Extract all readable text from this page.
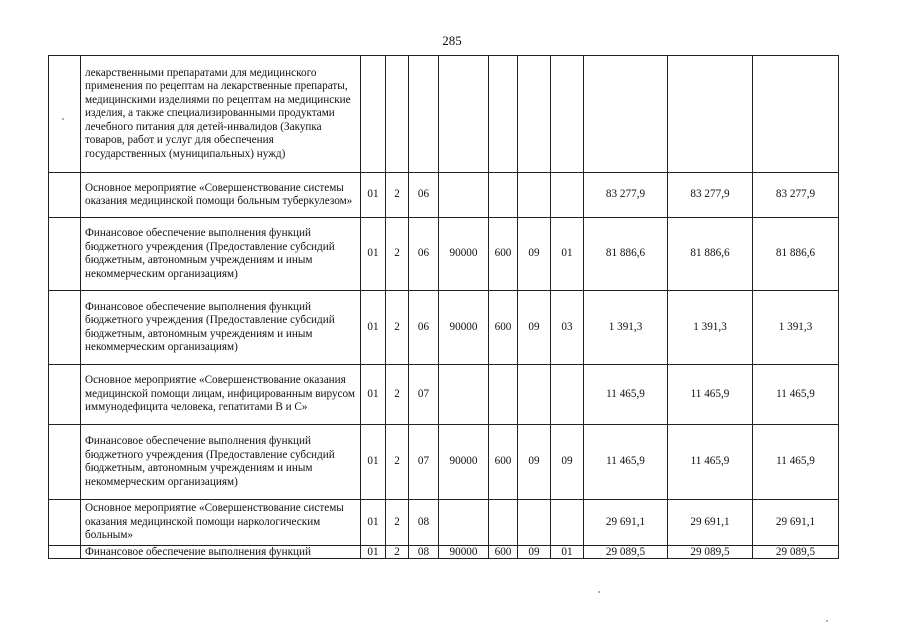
285
	лекарственными препаратами для медицинского применения по рецептам на лекарственные препараты, медицинскими изделиями по рецептам на медицинские изделия, а также специализированными продуктами лечебного питания для детей-инвалидов (Закупка товаров, работ и услуг для обеспечения государственных (муниципальных) нужд)										
	Основное мероприятие «Совершенствование системы оказания медицинской помощи больным туберкулезом»	01	2	06					83 277,9	83 277,9	83 277,9
	Финансовое обеспечение выполнения функций бюджетного учреждения (Предоставление субсидий бюджетным, автономным учреждениям и иным некоммерческим организациям)	01	2	06	90000	600	09	01	81 886,6	81 886,6	81 886,6
	Финансовое обеспечение выполнения функций бюджетного учреждения (Предоставление субсидий бюджетным, автономным учреждениям и иным некоммерческим организациям)	01	2	06	90000	600	09	03	1 391,3	1 391,3	1 391,3
	Основное мероприятие «Совершенствование оказания медицинской помощи лицам, инфицированным вирусом иммунодефицита человека, гепатитами В и С»	01	2	07					11 465,9	11 465,9	11 465,9
	Финансовое обеспечение выполнения функций бюджетного учреждения (Предоставление субсидий бюджетным, автономным учреждениям и иным некоммерческим организациям)	01	2	07	90000	600	09	09	11 465,9	11 465,9	11 465,9
	Основное мероприятие «Совершенствование системы оказания медицинской помощи наркологическим больным»	01	2	08					29 691,1	29 691,1	29 691,1
	Финансовое обеспечение выполнения функций	01	2	08	90000	600	09	01	29 089,5	29 089,5	29 089,5
